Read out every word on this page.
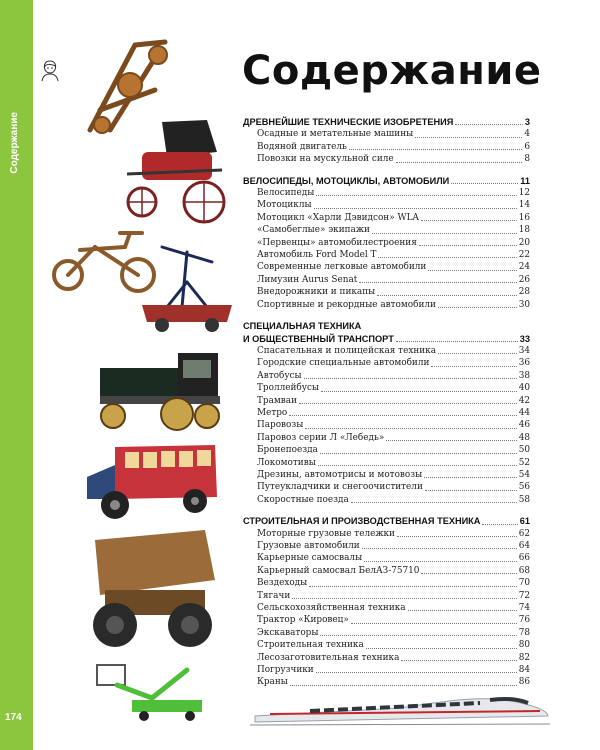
Содержание
174
Содержание
ДРЕВНЕЙШИЕ ТЕХНИЧЕСКИЕ ИЗОБРЕТЕНИЯ	3
Осадные и метательные машины	4
Водяной двигатель	6
Повозки на мускульной силе	8
ВЕЛОСИПЕДЫ, МОТОЦИКЛЫ, АВТОМОБИЛИ	11
Велосипеды	12
Мотоциклы	14
Мотоцикл «Харли Дэвидсон» WLA	16
«Самобеглые» экипажи	18
«Первенцы» автомобилестроения	20
Автомобиль Ford Model T	22
Современные легковые автомобили	24
Лимузин Aurus Senat	26
Внедорожники и пикапы	28
Спортивные и рекордные автомобили	30
СПЕЦИАЛЬНАЯ ТЕХНИКА
И ОБЩЕСТВЕННЫЙ ТРАНСПОРТ	33
Спасательная и полицейская техника	34
Городские специальные автомобили	36
Автобусы	38
Троллейбусы	40
Трамваи	42
Метро	44
Паровозы	46
Паровоз серии Л «Лебедь»	48
Бронепоезда	50
Локомотивы	52
Дрезины, автомотрисы и мотовозы	54
Путеукладчики и снегоочистители	56
Скоростные поезда	58
СТРОИТЕЛЬНАЯ И ПРОИЗВОДСТВЕННАЯ ТЕХНИКА	61
Моторные грузовые тележки	62
Грузовые автомобили	64
Карьерные самосвалы	66
Карьерный самосвал БелАЗ-75710	68
Вездеходы	70
Тягачи	72
Сельскохозяйственная техника	74
Трактор «Кировец»	76
Экскаваторы	78
Строительная техника	80
Лесозаготовительная техника	82
Погрузчики	84
Краны	86
